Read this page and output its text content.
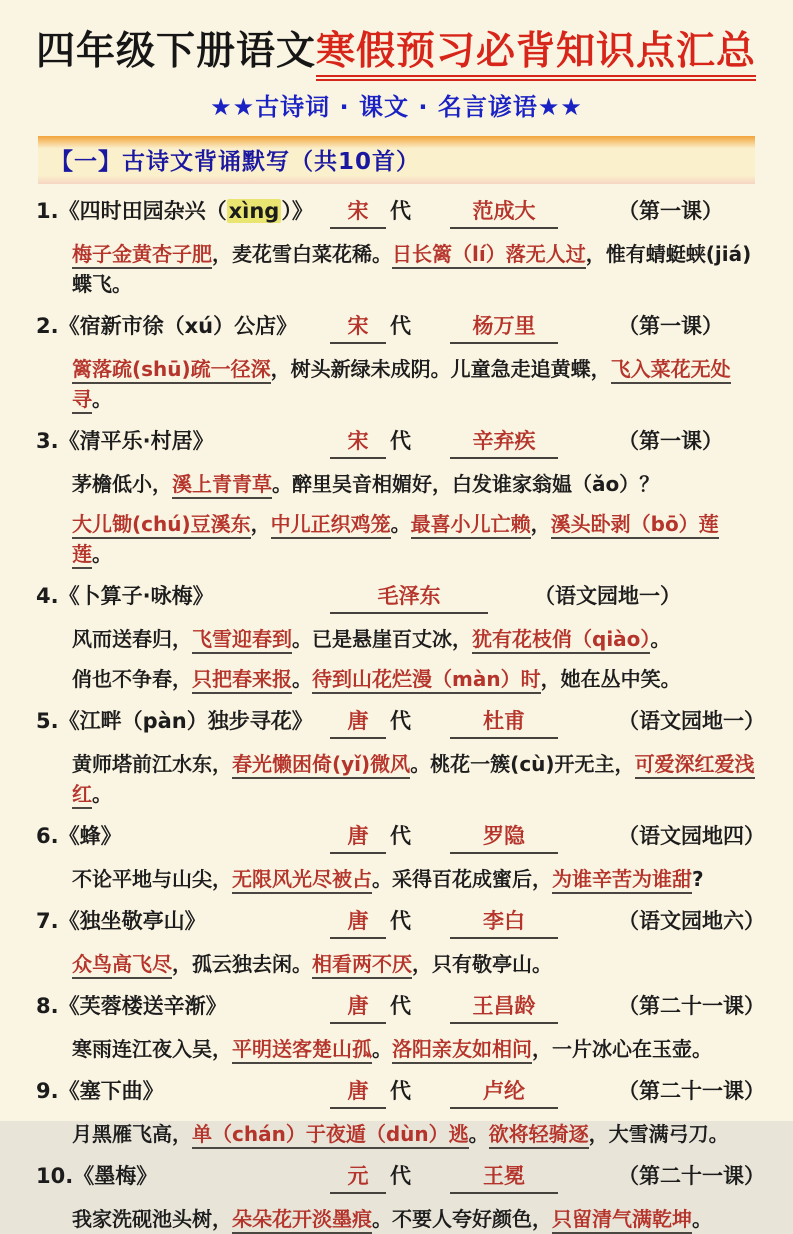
四年级下册语文寒假预习必背知识点汇总
★★古诗词 · 课文 · 名言谚语★★
【一】古诗文背诵默写（共10首）
1.《四时田园杂兴（xìng）》	宋 代	范成大	（第一课）
梅子金黄杏子肥，麦花雪白菜花稀。日长篱（lí）落无人过，惟有蜻蜓蛱(jiá)蝶飞。
2.《宿新市徐（xú）公店》	宋 代	杨万里	（第一课）
篱落疏(shū)疏一径深，树头新绿未成阴。儿童急走追黄蝶，飞入菜花无处寻。
3.《清平乐·村居》	宋 代	辛弃疾	（第一课）
茅檐低小，溪上青青草。醉里吴音相媚好，白发谁家翁媪（ǎo）？
大儿锄(chú)豆溪东，中儿正织鸡笼。最喜小儿亡赖，溪头卧剥（bō）莲莲。
4.《卜算子·咏梅》	毛泽东	（语文园地一）
风而送春归，飞雪迎春到。已是悬崖百丈冰，犹有花枝俏（qiào）。
俏也不争春，只把春来报。待到山花烂漫（màn）时，她在丛中笑。
5.《江畔（pàn）独步寻花》	唐 代	杜甫	（语文园地一）
黄师塔前江水东，春光懒困倚(yǐ)微风。桃花一簇(cù)开无主，可爱深红爱浅红。
6.《蜂》	唐 代	罗隐	（语文园地四）
不论平地与山尖，无限风光尽被占。采得百花成蜜后，为谁辛苦为谁甜?
7.《独坐敬亭山》	唐 代	李白	（语文园地六）
众鸟高飞尽，孤云独去闲。相看两不厌，只有敬亭山。
8.《芙蓉楼送辛渐》	唐 代	王昌龄	（第二十一课）
寒雨连江夜入吴，平明送客楚山孤。洛阳亲友如相问，一片冰心在玉壶。
9.《塞下曲》	唐 代	卢纶	（第二十一课）
月黑雁飞高，单（chán）于夜遁（dùn）逃。欲将轻骑逐，大雪满弓刀。
10.《墨梅》	元 代	王冕	（第二十一课）
我家洗砚池头树，朵朵花开淡墨痕。不要人夸好颜色，只留清气满乾坤。
